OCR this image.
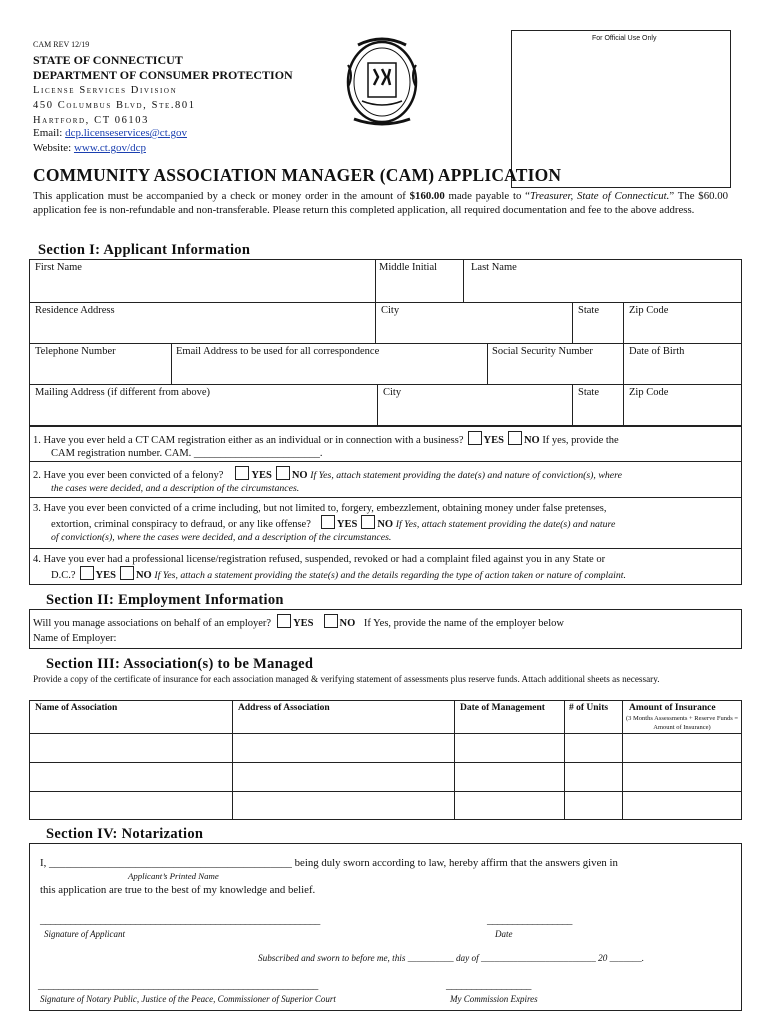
CAM REV 12/19
STATE OF CONNECTICUT
DEPARTMENT OF CONSUMER PROTECTION
License Services Division
450 Columbus Blvd, Ste.801
Hartford, CT 06103
Email: dcp.licenseservices@ct.gov
Website: www.ct.gov/dcp
For Official Use Only
COMMUNITY ASSOCIATION MANAGER (CAM) APPLICATION
This application must be accompanied by a check or money order in the amount of $160.00 made payable to “Treasurer, State of Connecticut.” The $60.00 application fee is non-refundable and non-transferable. Please return this completed application, all required documentation and fee to the above address.
Section I: Applicant Information
First Name	Middle Initial	Last Name
Residence Address	City	State	Zip Code
Telephone Number	Email Address to be used for all correspondence	Social Security Number	Date of Birth
Mailing Address (if different from above)	City	State	Zip Code
1. Have you ever held a CT CAM registration either as an individual or in connection with a business? YES NO If yes, provide the
CAM registration number. CAM. ________________________.
2. Have you ever been convicted of a felony?	YES NO If Yes, attach statement providing the date(s) and nature of conviction(s), where
the cases were decided, and a description of the circumstances.
3. Have you ever been convicted of a crime including, but not limited to, forgery, embezzlement, obtaining money under false pretenses,
extortion, criminal conspiracy to defraud, or any like offense? YES NO If Yes, attach statement providing the date(s) and nature
of conviction(s), where the cases were decided, and a description of the circumstances.
4. Have you ever had a professional license/registration refused, suspended, revoked or had a complaint filed against you in any State or
D.C.? YES NO If Yes, attach a statement providing the state(s) and the details regarding the type of action taken or nature of complaint.
Section II: Employment Information
Will you manage associations on behalf of an employer? YES NO If Yes, provide the name of the employer below
Name of Employer:
Section III: Association(s) to be Managed
Provide a copy of the certificate of insurance for each association managed & verifying statement of assessments plus reserve funds. Attach additional sheets as necessary.
Name of Association	Address of Association	Date of Management	# of Units Amount of Insurance
(3 Months Assessments + Reserve Funds = Amount of Insurance)
Section IV: Notarization
I, _____________________________________________ being duly sworn according to law, hereby affirm that the answers given in
Applicant’s Printed Name
this application are true to the best of my knowledge and belief.
________________________________________________________
Signature of Applicant
_________________
Date
Subscribed and sworn to before me, this __________ day of _________________________ 20 _______.
________________________________________________________
Signature of Notary Public, Justice of the Peace, Commissioner of Superior Court
_________________
My Commission Expires
